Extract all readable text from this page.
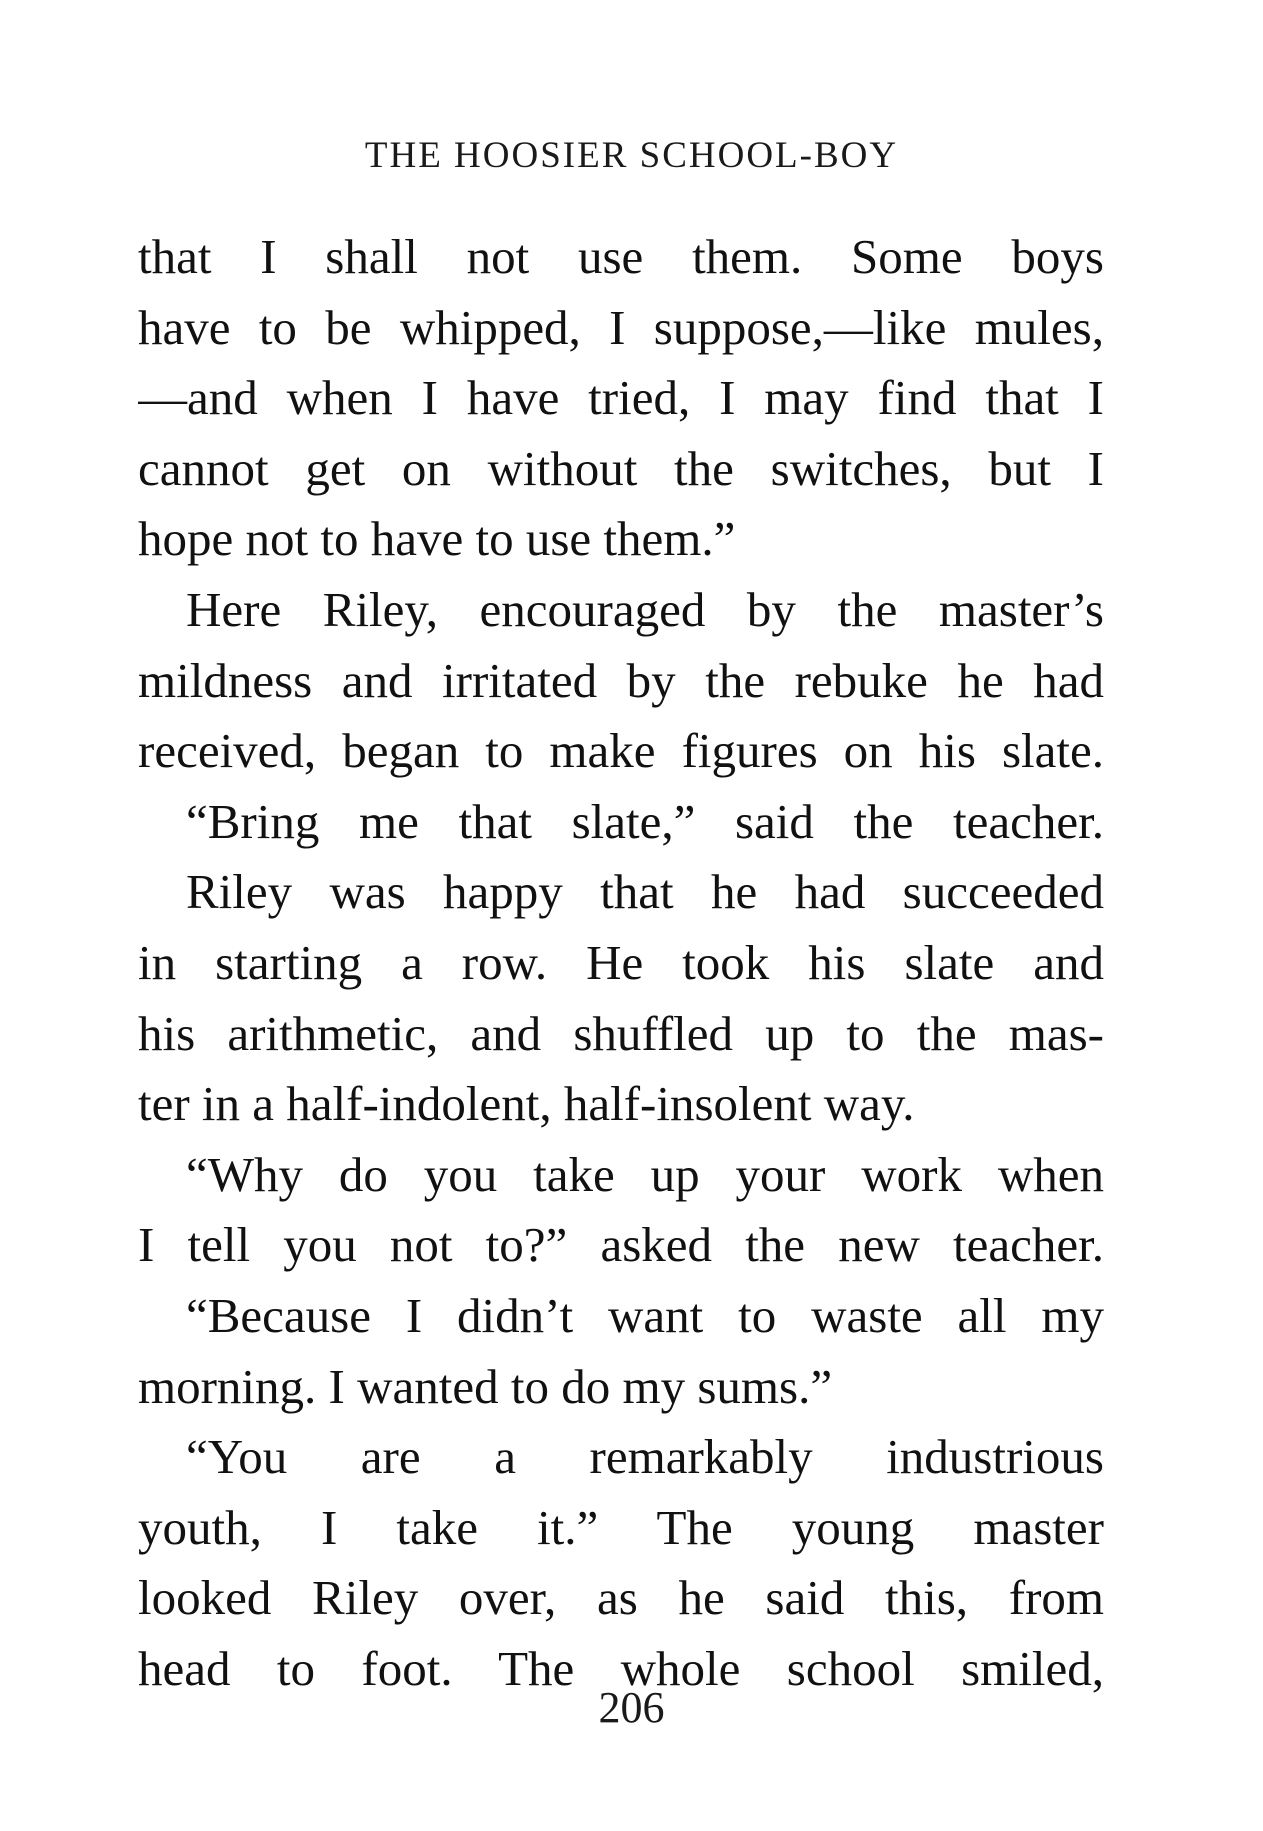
THE HOOSIER SCHOOL-BOY
that I shall not use them. Some boys
have to be whipped, I suppose,—like mules,
—and when I have tried, I may find that I
cannot get on without the switches, but I
hope not to have to use them.”
Here Riley, encouraged by the master’s
mildness and irritated by the rebuke he had
received, began to make figures on his slate.
“Bring me that slate,” said the teacher.
Riley was happy that he had succeeded
in starting a row. He took his slate and
his arithmetic, and shuffled up to the mas-
ter in a half-indolent, half-insolent way.
“Why do you take up your work when
I tell you not to?” asked the new teacher.
“Because I didn’t want to waste all my
morning. I wanted to do my sums.”
“You are a remarkably industrious
youth, I take it.” The young master
looked Riley over, as he said this, from
head to foot. The whole school smiled,
206
